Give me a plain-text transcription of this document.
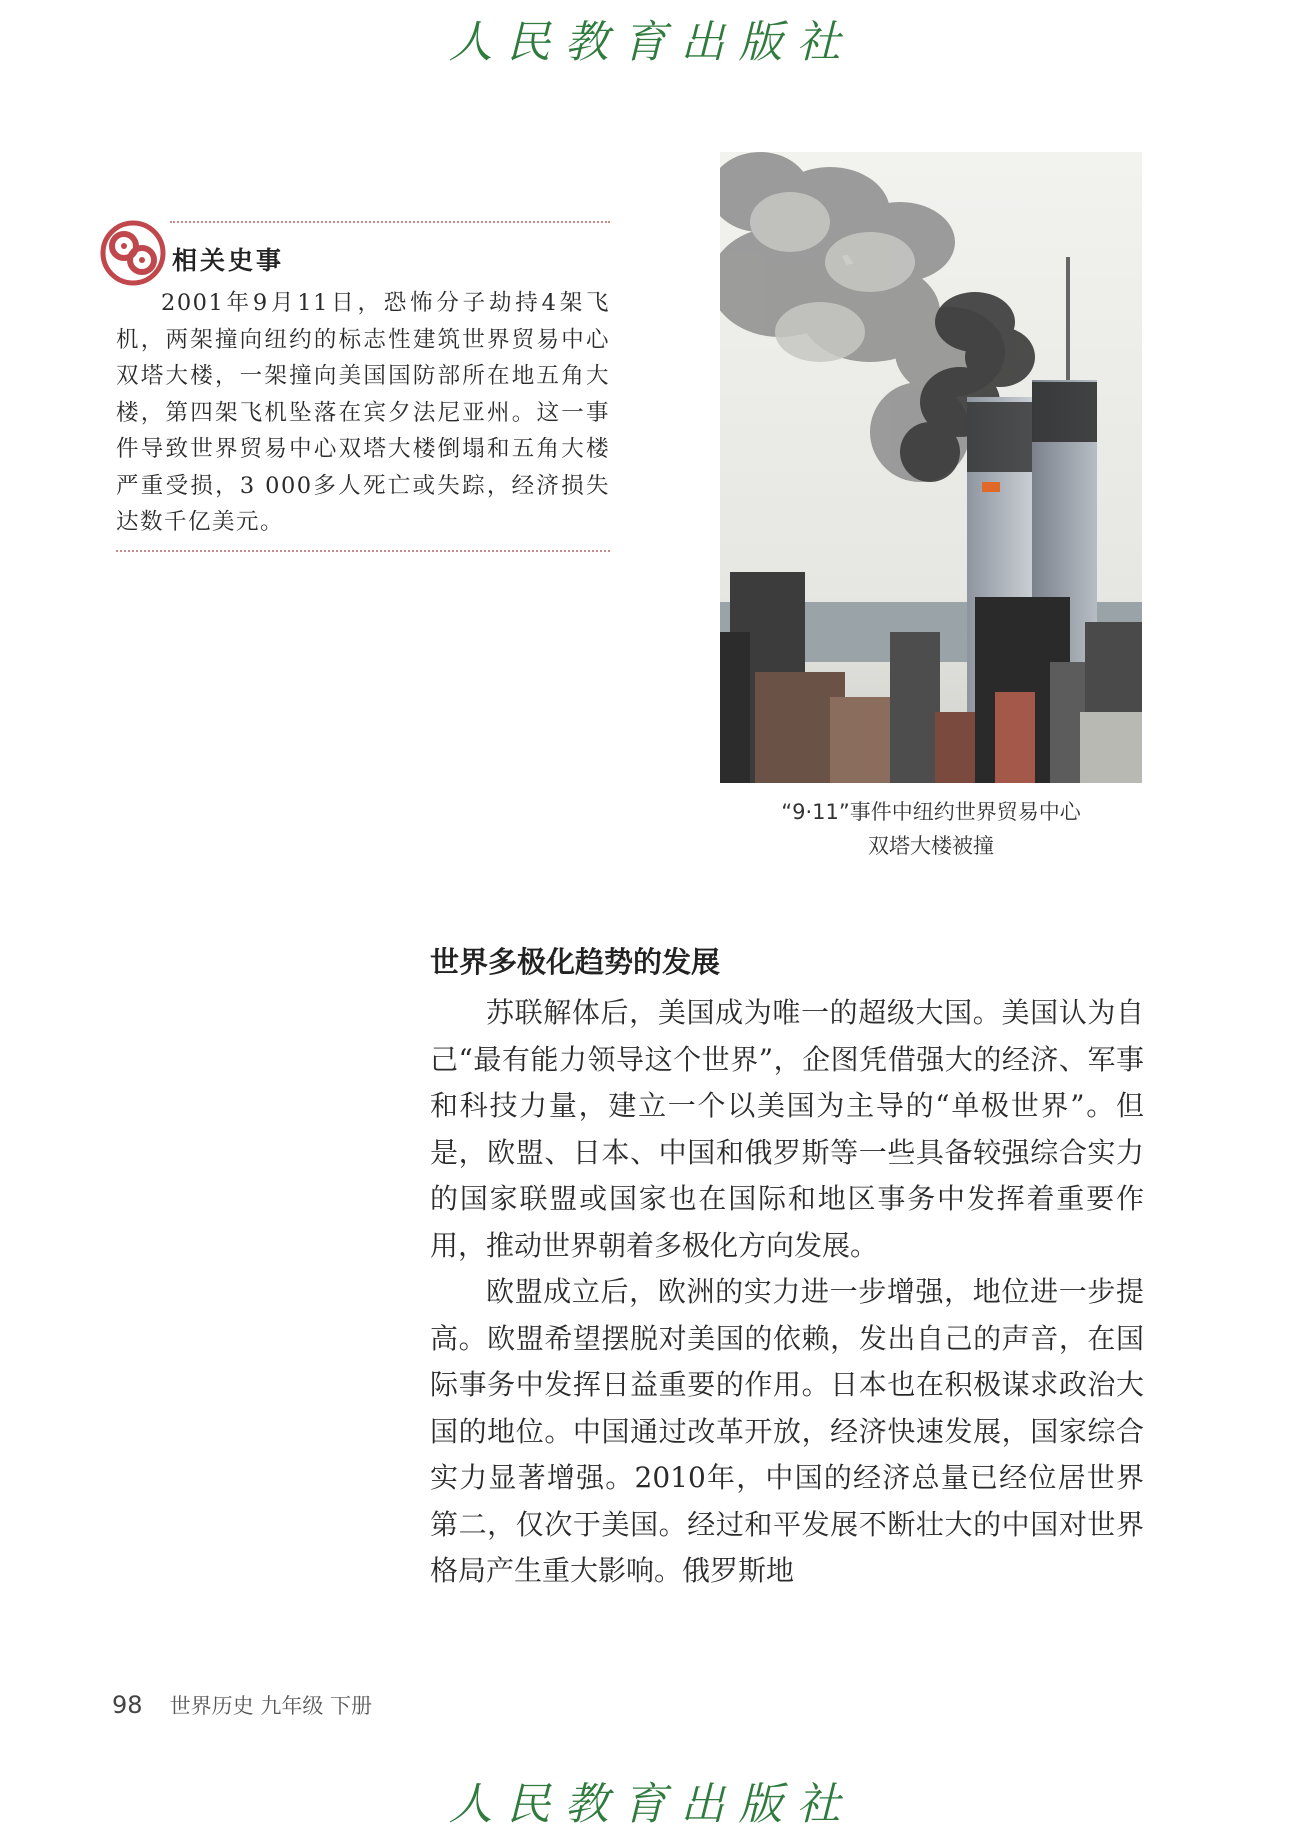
人民教育出版社
相关史事

2001年9月11日，恐怖分子劫持4架飞机，两架撞向纽约的标志性建筑世界贸易中心双塔大楼，一架撞向美国国防部所在地五角大楼，第四架飞机坠落在宾夕法尼亚州。这一事件导致世界贸易中心双塔大楼倒塌和五角大楼严重受损，3 000多人死亡或失踪，经济损失达数千亿美元。

“9·11”事件中纽约世界贸易中心
双塔大楼被撞
世界多极化趋势的发展

苏联解体后，美国成为唯一的超级大国。美国认为自己“最有能力领导这个世界”，企图凭借强大的经济、军事和科技力量，建立一个以美国为主导的“单极世界”。但是，欧盟、日本、中国和俄罗斯等一些具备较强综合实力的国家联盟或国家也在国际和地区事务中发挥着重要作用，推动世界朝着多极化方向发展。

欧盟成立后，欧洲的实力进一步增强，地位进一步提高。欧盟希望摆脱对美国的依赖，发出自己的声音，在国际事务中发挥日益重要的作用。日本也在积极谋求政治大国的地位。中国通过改革开放，经济快速发展，国家综合实力显著增强。2010年，中国的经济总量已经位居世界第二，仅次于美国。经过和平发展不断壮大的中国对世界格局产生重大影响。俄罗斯地

98 世界历史 九年级 下册
人民教育出版社
